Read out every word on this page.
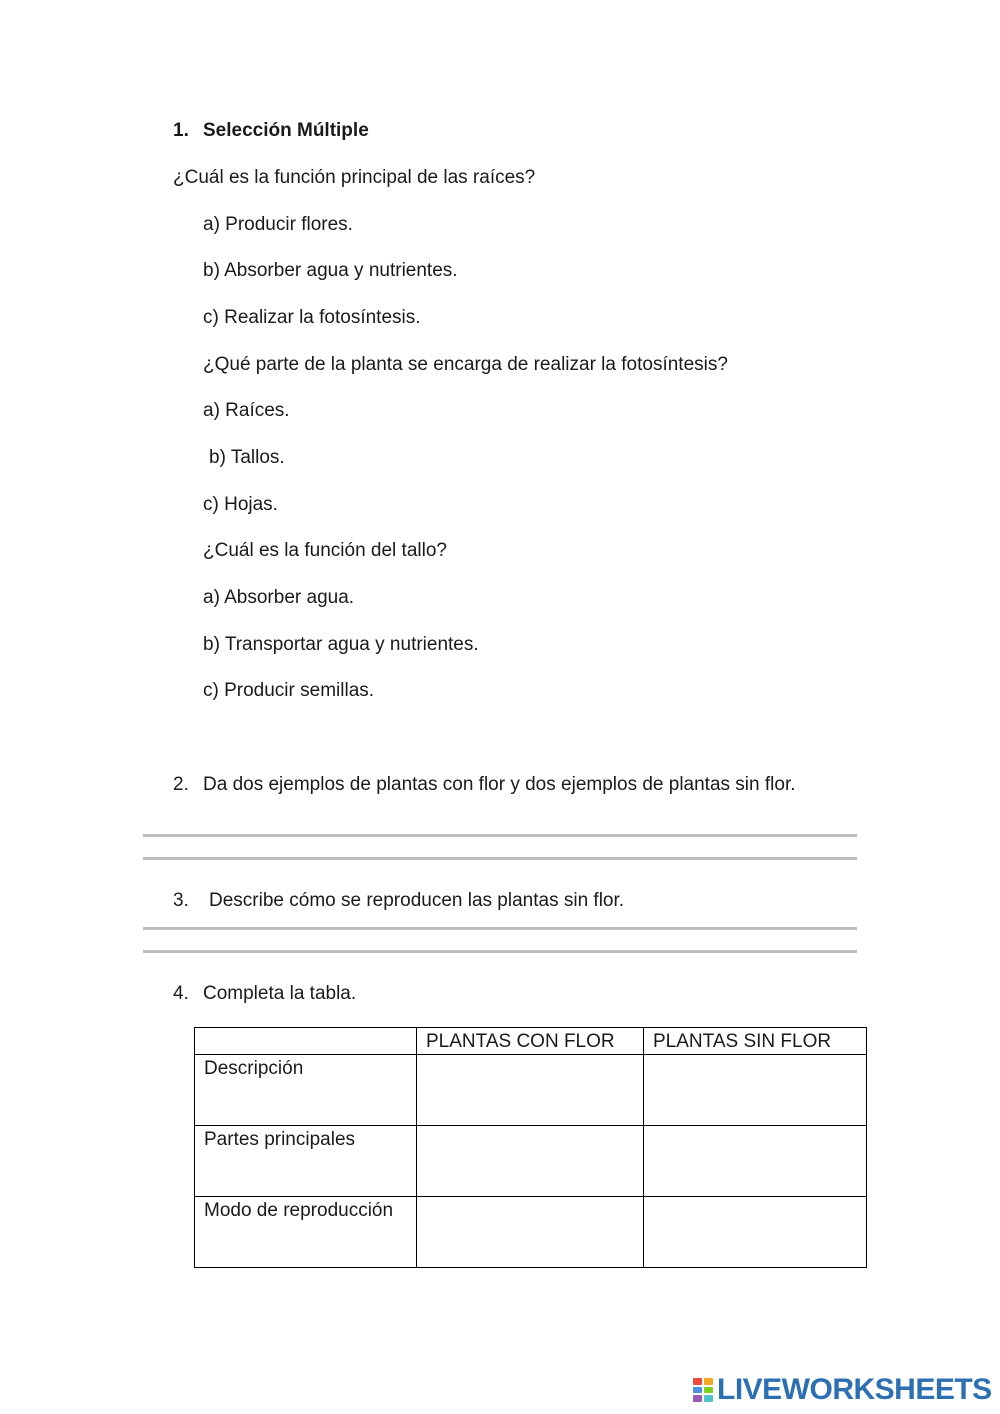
1. Selección Múltiple
¿Cuál es la función principal de las raíces?
a) Producir flores.
b) Absorber agua y nutrientes.
c) Realizar la fotosíntesis.
¿Qué parte de la planta se encarga de realizar la fotosíntesis?
a) Raíces.
b) Tallos.
c) Hojas.
¿Cuál es la función del tallo?
a) Absorber agua.
b) Transportar agua y nutrientes.
c) Producir semillas.
2. Da dos ejemplos de plantas con flor y dos ejemplos de plantas sin flor.
3. Describe cómo se reproducen las plantas sin flor.
4. Completa la tabla.
	PLANTAS CON FLOR	PLANTAS SIN FLOR
Descripción		
Partes principales		
Modo de reproducción		
LIVEWORKSHEETS
